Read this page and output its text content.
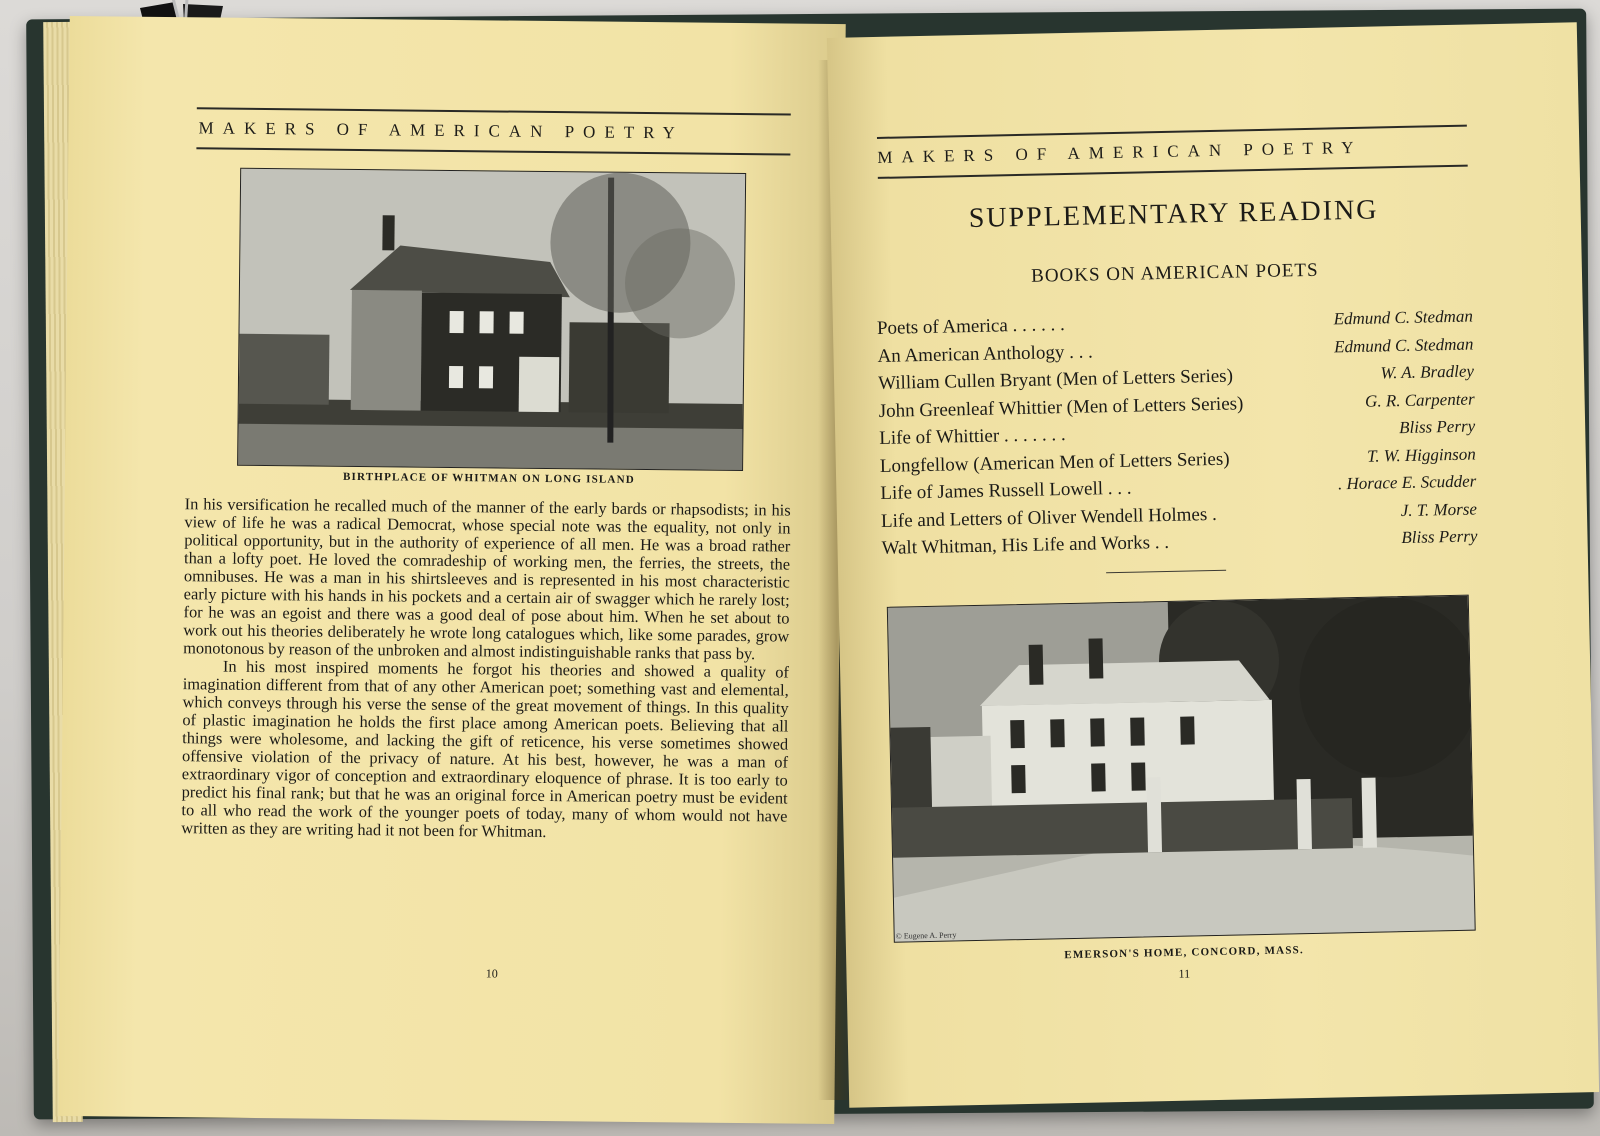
MAKERS OF AMERICAN POETRY
BIRTHPLACE OF WHITMAN ON LONG ISLAND

In his versification he recalled much of the manner of the early bards or rhapsodists; in his view of life he was a radical Democrat, whose special note was the equality, not only in political opportunity, but in the authority of experience of all men. He was a broad rather than a lofty poet. He loved the comradeship of working men, the ferries, the streets, the omnibuses. He was a man in his shirtsleeves and is represented in his most characteristic early picture with his hands in his pockets and a certain air of swagger which he rarely lost; for he was an egoist and there was a good deal of pose about him. When he set about to work out his theories deliberately he wrote long catalogues which, like some parades, grow monotonous by reason of the unbroken and almost indistinguishable ranks that pass by.

In his most inspired moments he forgot his theories and showed a quality of imagination different from that of any other American poet; something vast and elemental, which conveys through his verse the sense of the great movement of things. In this quality of plastic imagination he holds the first place among American poets. Believing that all things were wholesome, and lacking the gift of reticence, his verse sometimes showed offensive violation of the privacy of nature. At his best, however, he was a man of extraordinary vigor of conception and extraordinary eloquence of phrase. It is too early to predict his final rank; but that he was an original force in American poetry must be evident to all who read the work of the younger poets of today, many of whom would not have written as they are writing had it not been for Whitman.

10
MAKERS OF AMERICAN POETRY
SUPPLEMENTARY READING
BOOKS ON AMERICAN POETS
Poets of America . . . . . .	Edmund C. Stedman
An American Anthology . . .	Edmund C. Stedman
William Cullen Bryant (Men of Letters Series)	W. A. Bradley
John Greenleaf Whittier (Men of Letters Series)	G. R. Carpenter
Life of Whittier . . . . . . .	Bliss Perry
Longfellow (American Men of Letters Series)	T. W. Higginson
Life of James Russell Lowell . . .	. Horace E. Scudder
Life and Letters of Oliver Wendell Holmes .	J. T. Morse
Walt Whitman, His Life and Works . .	Bliss Perry
© Eugene A. Perry
EMERSON'S HOME, CONCORD, MASS.
11
